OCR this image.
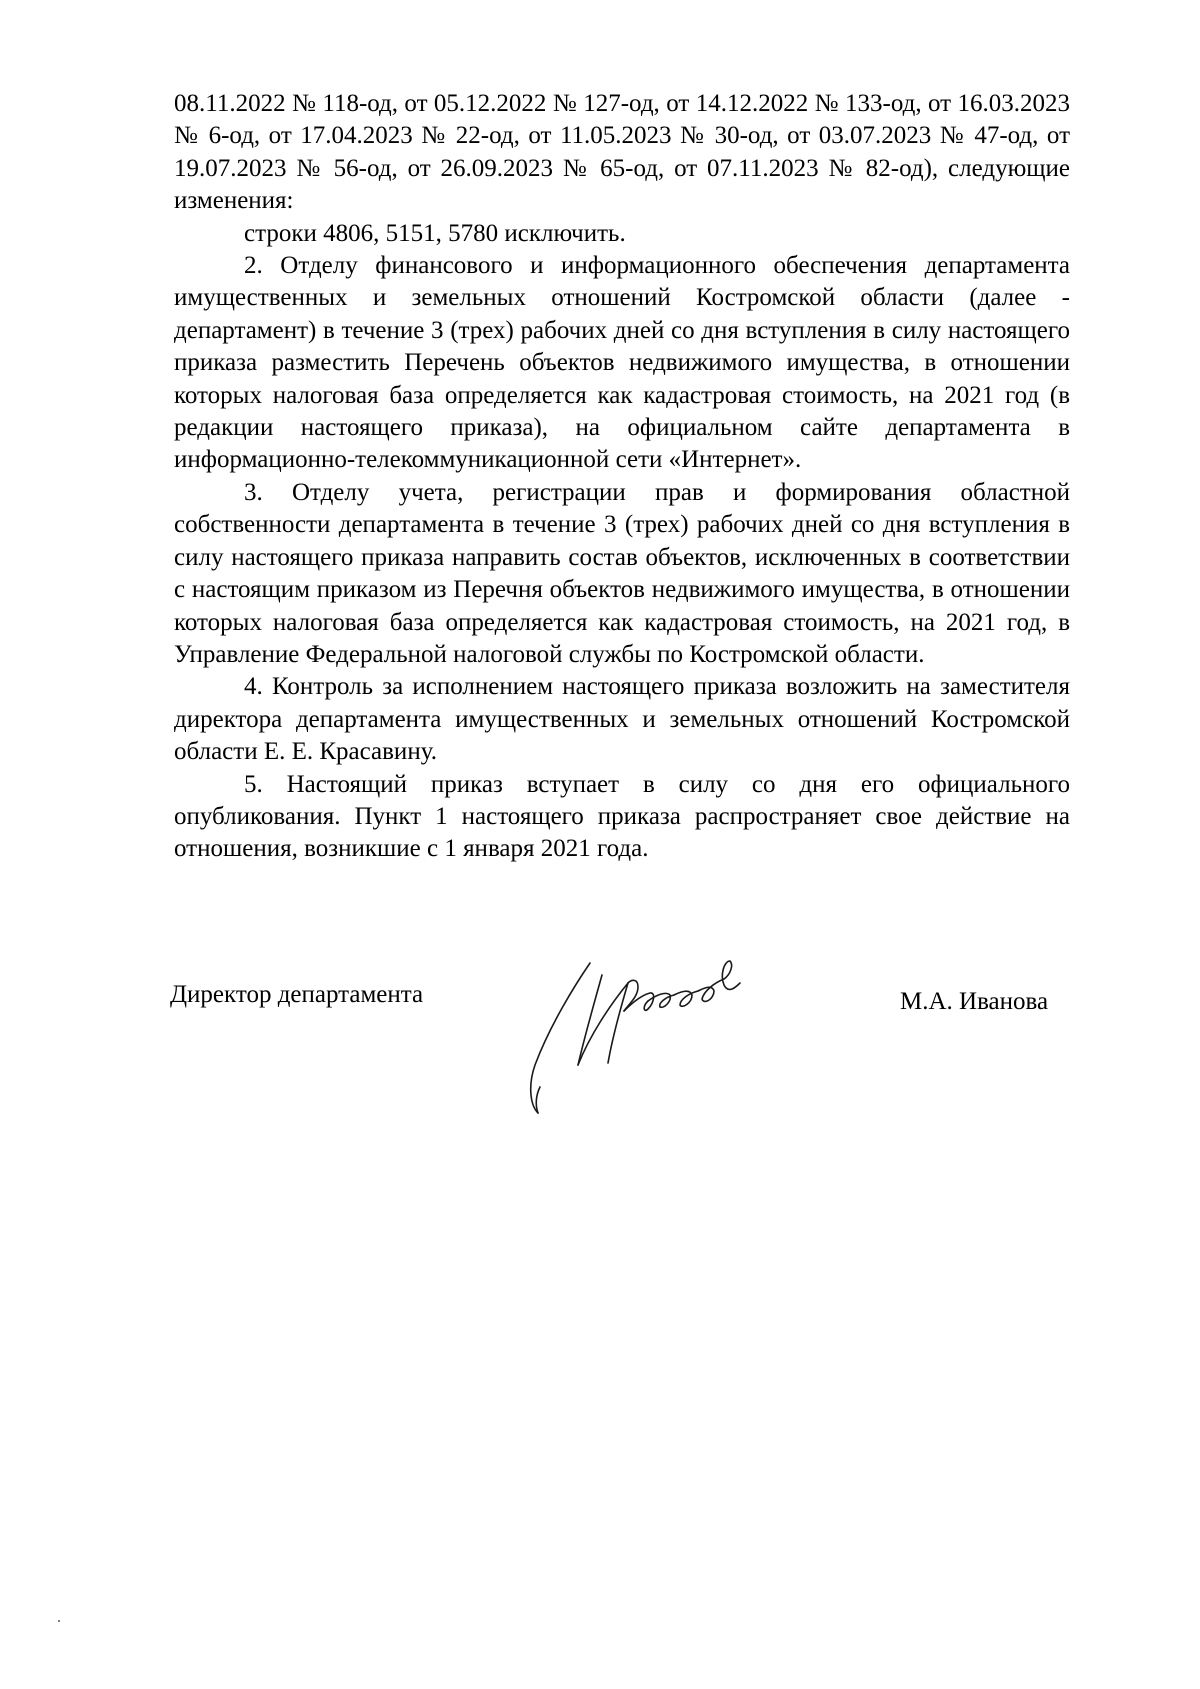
08.11.2022 № 118-од, от 05.12.2022 № 127-од, от 14.12.2022 № 133-од, от 16.03.2023 № 6-од, от 17.04.2023 № 22-од, от 11.05.2023 № 30-од, от 03.07.2023 № 47-од, от 19.07.2023 № 56-од, от 26.09.2023 № 65-од, от 07.11.2023 № 82-од), следующие изменения:

строки 4806, 5151, 5780 исключить.

2. Отделу финансового и информационного обеспечения департамента имущественных и земельных отношений Костромской области (далее - департамент) в течение 3 (трех) рабочих дней со дня вступления в силу настоящего приказа разместить Перечень объектов недвижимого имущества, в отношении которых налоговая база определяется как кадастровая стоимость, на 2021 год (в редакции настоящего приказа), на официальном сайте департамента в информационно-телекоммуникационной сети «Интернет».

3. Отделу учета, регистрации прав и формирования областной собственности департамента в течение 3 (трех) рабочих дней со дня вступления в силу настоящего приказа направить состав объектов, исключенных в соответствии с настоящим приказом из Перечня объектов недвижимого имущества, в отношении которых налоговая база определяется как кадастровая стоимость, на 2021 год, в Управление Федеральной налоговой службы по Костромской области.

4. Контроль за исполнением настоящего приказа возложить на заместителя директора департамента имущественных и земельных отношений Костромской области Е. Е. Красавину.

5. Настоящий приказ вступает в силу со дня его официального опубликования. Пункт 1 настоящего приказа распространяет свое действие на отношения, возникшие с 1 января 2021 года.

Директор департамента	М.А. Иванова
